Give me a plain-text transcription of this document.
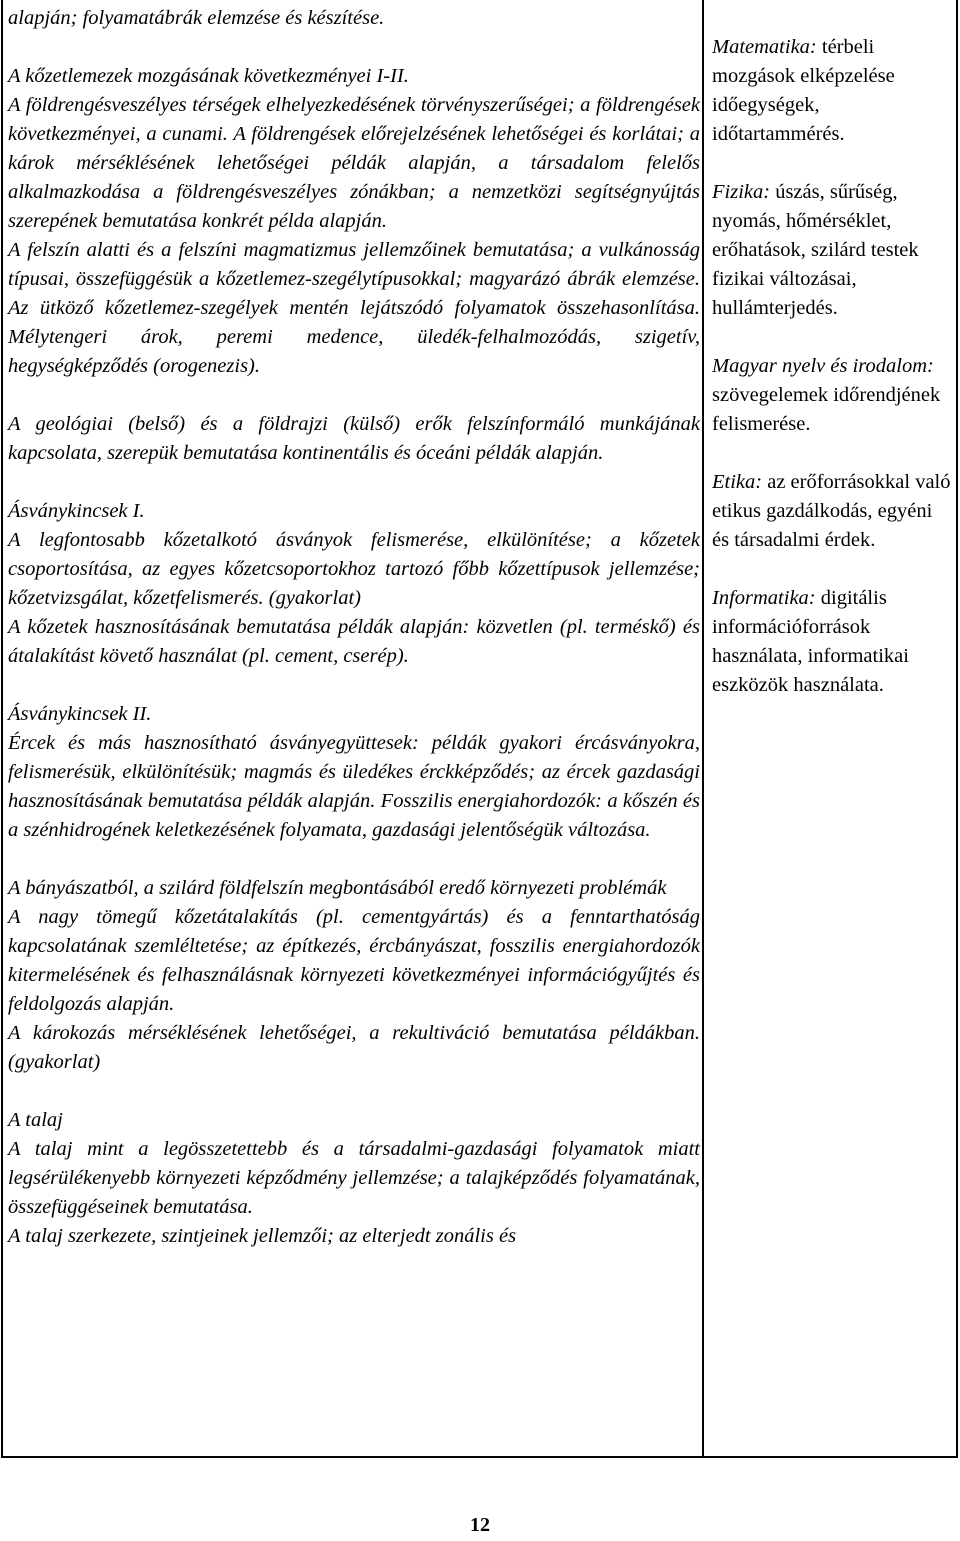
alapján; folyamatábrák elemzése és készítése.

A kőzetlemezek mozgásának következményei I-II.

A földrengésveszélyes térségek elhelyezkedésének törvényszerűségei; a földrengések következményei, a cunami. A földrengések előrejelzésének lehetőségei és korlátai; a károk mérséklésének lehetőségei példák alapján, a társadalom felelős alkalmazkodása a földrengésveszélyes zónákban; a nemzetközi segítségnyújtás szerepének bemutatása konkrét példa alapján.

A felszín alatti és a felszíni magmatizmus jellemzőinek bemutatása; a vulkánosság típusai, összefüggésük a kőzetlemez-szegélytípusokkal; magyarázó ábrák elemzése. Az ütköző kőzetlemez-szegélyek mentén lejátszódó folyamatok összehasonlítása. Mélytengeri árok, peremi medence, üledék-felhalmozódás, szigetív, hegységképződés (orogenezis).

A geológiai (belső) és a földrajzi (külső) erők felszínformáló munkájának kapcsolata, szerepük bemutatása kontinentális és óceáni példák alapján.

Ásványkincsek I.

A legfontosabb kőzetalkotó ásványok felismerése, elkülönítése; a kőzetek csoportosítása, az egyes kőzetcsoportokhoz tartozó főbb kőzettípusok jellemzése; kőzetvizsgálat, kőzetfelismerés. (gyakorlat)

A kőzetek hasznosításának bemutatása példák alapján: közvetlen (pl. terméskő) és átalakítást követő használat (pl. cement, cserép).

Ásványkincsek II.

Ércek és más hasznosítható ásványegyüttesek: példák gyakori ércásványokra, felismerésük, elkülönítésük; magmás és üledékes érckképződés; az ércek gazdasági hasznosításának bemutatása példák alapján. Fosszilis energiahordozók: a kőszén és a szénhidrogének keletkezésének folyamata, gazdasági jelentőségük változása.

A bányászatból, a szilárd földfelszín megbontásából eredő környezeti problémák

A nagy tömegű kőzetátalakítás (pl. cementgyártás) és a fenntarthatóság kapcsolatának szemléltetése; az építkezés, ércbányászat, fosszilis energiahordozók kitermelésének és felhasználásnak környezeti következményei információgyűjtés és feldolgozás alapján.

A károkozás mérséklésének lehetőségei, a rekultiváció bemutatása példákban. (gyakorlat)

A talaj

A talaj mint a legösszetettebb és a társadalmi-gazdasági folyamatok miatt legsérülékenyebb környezeti képződmény jellemzése; a talajképződés folyamatának, összefüggéseinek bemutatása.

A talaj szerkezete, szintjeinek jellemzői; az elterjedt zonális és

Matematika: térbeli mozgások elképzelése időegységek, időtartammérés.

Fizika: úszás, sűrűség, nyomás, hőmérséklet, erőhatások, szilárd testek fizikai változásai, hullámterjedés.

Magyar nyelv és irodalom: szövegelemek időrendjének felismerése.

Etika: az erőforrásokkal való etikus gazdálkodás, egyéni és társadalmi érdek.

Informatika: digitális információforrások használata, informatikai eszközök használata.

12
